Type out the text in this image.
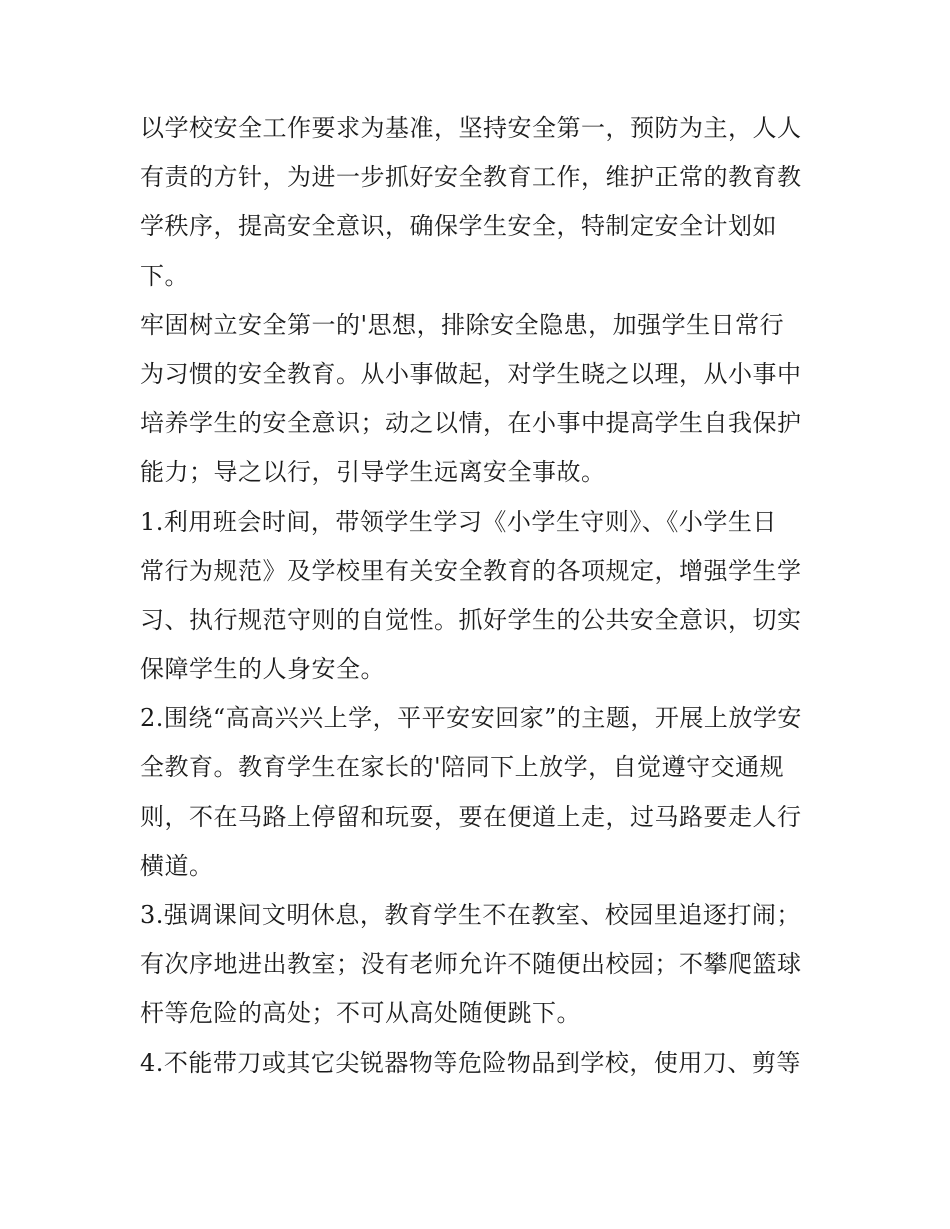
以学校安全工作要求为基准，坚持安全第一，预防为主，人人
有责的方针，为进一步抓好安全教育工作，维护正常的教育教
学秩序，提高安全意识，确保学生安全，特制定安全计划如
下。
牢固树立安全第一的'思想，排除安全隐患，加强学生日常行
为习惯的安全教育。从小事做起，对学生晓之以理，从小事中
培养学生的安全意识；动之以情，在小事中提高学生自我保护
能力；导之以行，引导学生远离安全事故。
1.利用班会时间，带领学生学习《小学生守则》、《小学生日
常行为规范》及学校里有关安全教育的各项规定，增强学生学
习、执行规范守则的自觉性。抓好学生的公共安全意识，切实
保障学生的人身安全。
2.围绕“高高兴兴上学，平平安安回家”的主题，开展上放学安
全教育。教育学生在家长的'陪同下上放学，自觉遵守交通规
则，不在马路上停留和玩耍，要在便道上走，过马路要走人行
横道。
3.强调课间文明休息，教育学生不在教室、校园里追逐打闹；
有次序地进出教室；没有老师允许不随便出校园；不攀爬篮球
杆等危险的高处；不可从高处随便跳下。
4.不能带刀或其它尖锐器物等危险物品到学校，使用刀、剪等
